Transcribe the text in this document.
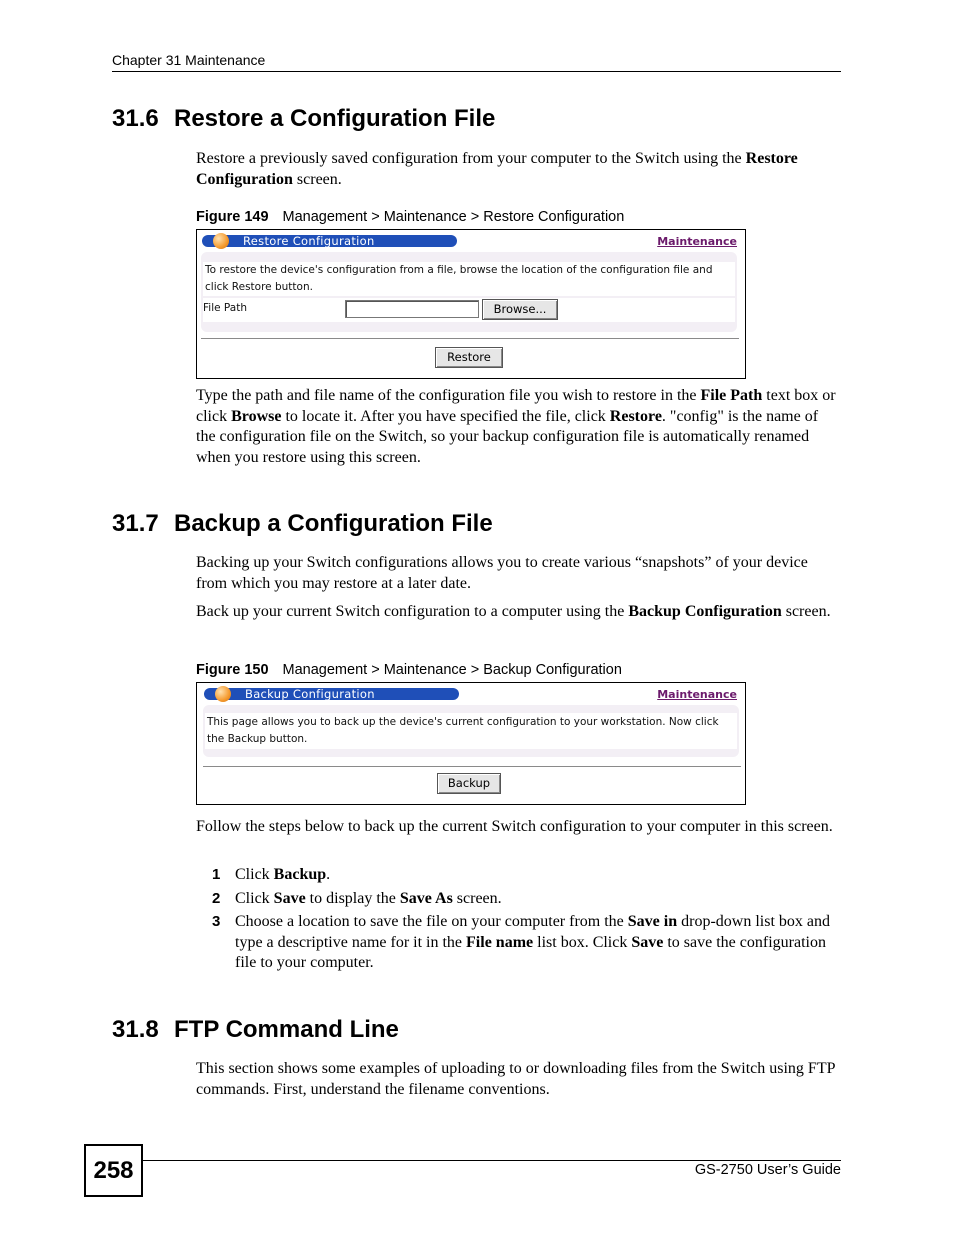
Chapter 31 Maintenance
31.6 Restore a Configuration File

Restore a previously saved configuration from your computer to the Switch using the Restore Configuration screen.

Figure 149 Management > Maintenance > Restore Configuration
Restore Configuration	Maintenance
To restore the device's configuration from a file, browse the location of the configuration file and click Restore button.
File Path	Browse...
Restore

Type the path and file name of the configuration file you wish to restore in the File Path text box or click Browse to locate it. After you have specified the file, click Restore. "config" is the name of the configuration file on the Switch, so your backup configuration file is automatically renamed when you restore using this screen.

31.7 Backup a Configuration File

Backing up your Switch configurations allows you to create various “snapshots” of your device from which you may restore at a later date.

Back up your current Switch configuration to a computer using the Backup Configuration screen.

Figure 150 Management > Maintenance > Backup Configuration
Backup Configuration	Maintenance
This page allows you to back up the device's current configuration to your workstation. Now click the Backup button.
Backup

Follow the steps below to back up the current Switch configuration to your computer in this screen.

1 Click Backup.
2 Click Save to display the Save As screen.
3 Choose a location to save the file on your computer from the Save in drop-down list box and type a descriptive name for it in the File name list box. Click Save to save the configuration file to your computer.
31.8 FTP Command Line

This section shows some examples of uploading to or downloading files from the Switch using FTP commands. First, understand the filename conventions.

258	GS-2750 User’s Guide
